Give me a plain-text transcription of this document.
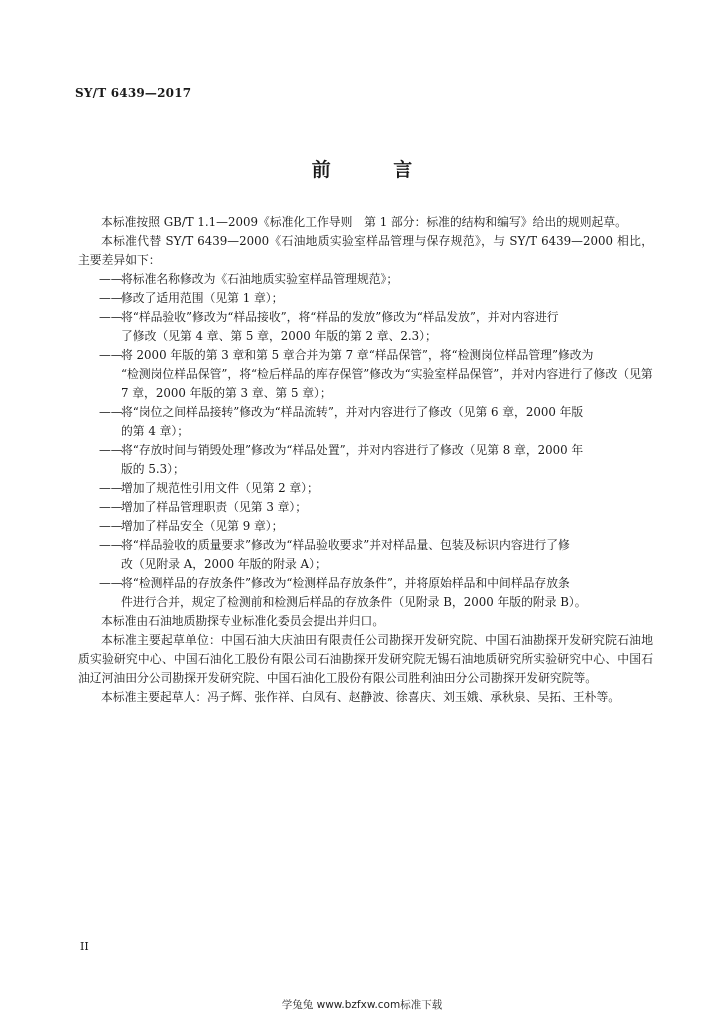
SY/T 6439—2017
前 言

本标准按照 GB/T 1.1—2009《标准化工作导则　第 1 部分：标准的结构和编写》给出的规则起草。

本标准代替 SY/T 6439—2000《石油地质实验室样品管理与保存规范》，与 SY/T 6439—2000 相比，主要差异如下：

——将标准名称修改为《石油地质实验室样品管理规范》；
——修改了适用范围（见第 1 章）；
——将“样品验收”修改为“样品接收”，将“样品的发放”修改为“样品发放”，并对内容进行
了修改（见第 4 章、第 5 章，2000 年版的第 2 章、2.3）；
——将 2000 年版的第 3 章和第 5 章合并为第 7 章“样品保管”，将“检测岗位样品管理”修改为
“检测岗位样品保管”，将“检后样品的库存保管”修改为“实验室样品保管”，并对内容进行了修改（见第 7 章，2000 年版的第 3 章、第 5 章）；
——将“岗位之间样品接转”修改为“样品流转”，并对内容进行了修改（见第 6 章，2000 年版
的第 4 章）；
——将“存放时间与销毁处理”修改为“样品处置”，并对内容进行了修改（见第 8 章，2000 年
版的 5.3）；
——增加了规范性引用文件（见第 2 章）；
——增加了样品管理职责（见第 3 章）；
——增加了样品安全（见第 9 章）；
——将“样品验收的质量要求”修改为“样品验收要求”并对样品量、包装及标识内容进行了修
改（见附录 A，2000 年版的附录 A）；
——将“检测样品的存放条件”修改为“检测样品存放条件”，并将原始样品和中间样品存放条
件进行合并，规定了检测前和检测后样品的存放条件（见附录 B，2000 年版的附录 B）。

本标准由石油地质勘探专业标准化委员会提出并归口。

本标准主要起草单位：中国石油大庆油田有限责任公司勘探开发研究院、中国石油勘探开发研究院石油地质实验研究中心、中国石油化工股份有限公司石油勘探开发研究院无锡石油地质研究所实验研究中心、中国石油辽河油田分公司勘探开发研究院、中国石油化工股份有限公司胜利油田分公司勘探开发研究院等。

本标准主要起草人：冯子辉、张作祥、白凤有、赵静波、徐喜庆、刘玉娥、承秋泉、吴拓、王朴等。

II
学兔兔 www.bzfxw.com标准下载
